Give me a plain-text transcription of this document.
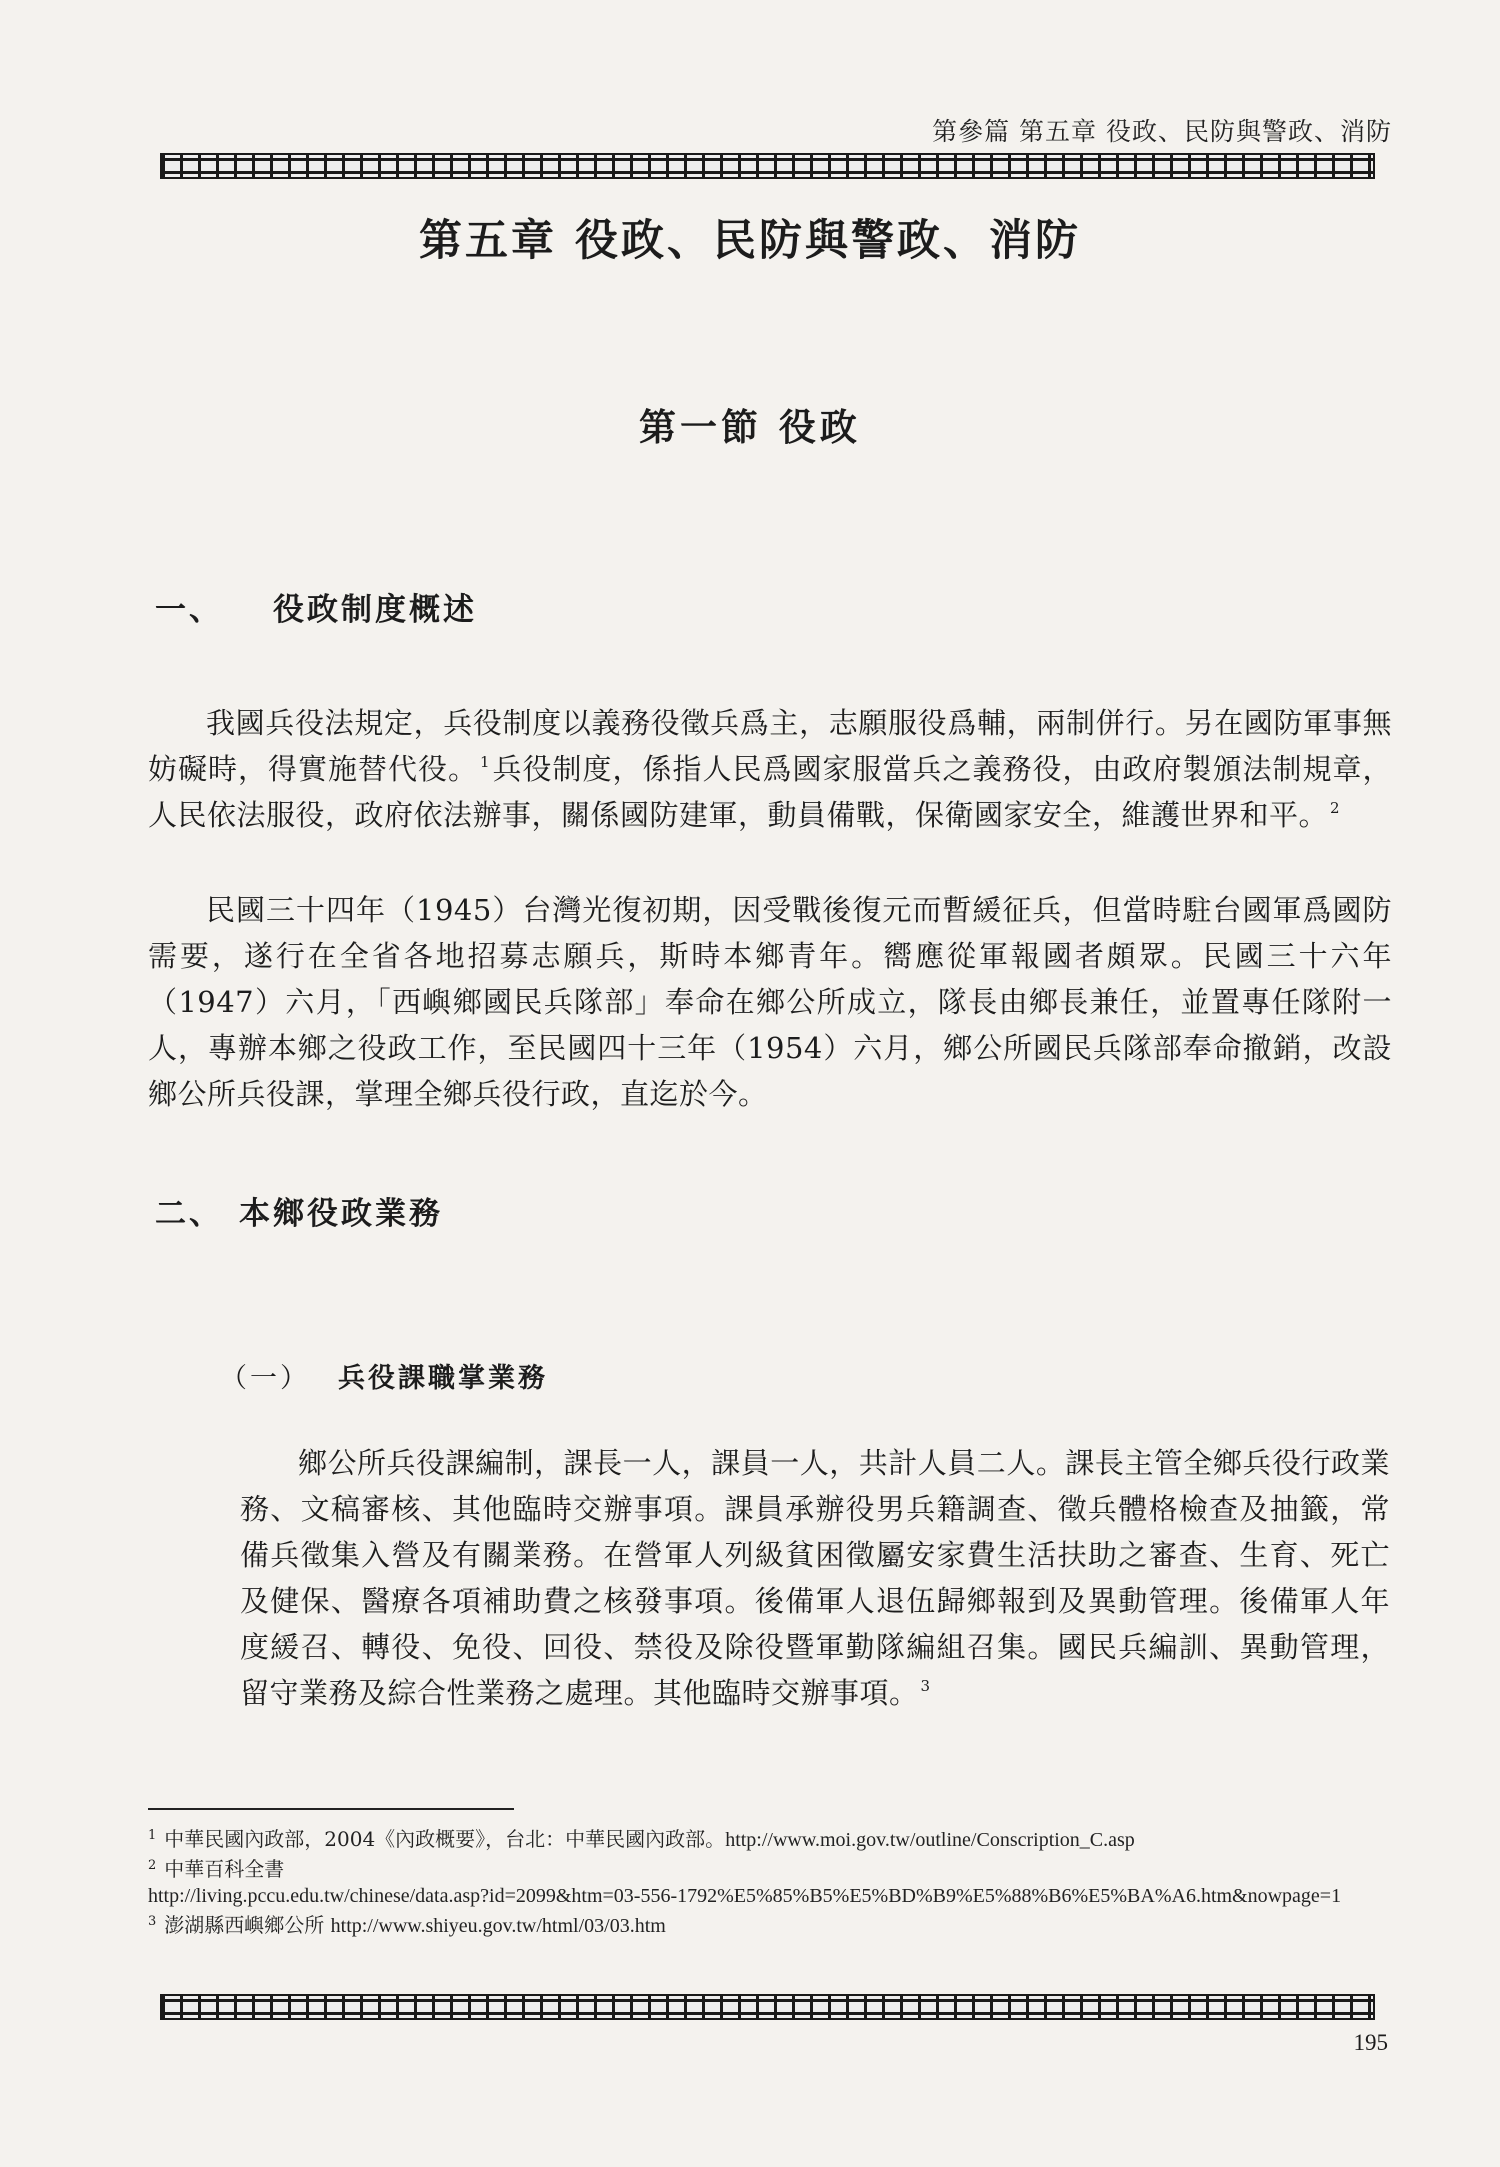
第參篇 第五章 役政、民防與警政、消防
第五章 役政、民防與警政、消防
第一節 役政
一、 役政制度概述

我國兵役法規定，兵役制度以義務役徵兵爲主，志願服役爲輔，兩制併行。另在國防軍事無妨礙時，得實施替代役。 $^1$兵役制度，係指人民爲國家服當兵之義務役，由政府製頒法制規章，人民依法服役，政府依法辦事，關係國防建軍，動員備戰，保衛國家安全，維護世界和平。 $^2$

民國三十四年（1945）台灣光復初期，因受戰後復元而暫緩征兵，但當時駐台國軍爲國防需要，遂行在全省各地招募志願兵，斯時本鄉青年。嚮應從軍報國者頗眾。民國三十六年（1947）六月，「西嶼鄉國民兵隊部」奉命在鄉公所成立，隊長由鄉長兼任，並置專任隊附一人，專辦本鄉之役政工作，至民國四十三年（1954）六月，鄉公所國民兵隊部奉命撤銷，改設鄉公所兵役課，掌理全鄉兵役行政，直迄於今。

二、 本鄉役政業務
（一） 兵役課職掌業務

鄉公所兵役課編制，課長一人，課員一人，共計人員二人。課長主管全鄉兵役行政業務、文稿審核、其他臨時交辦事項。課員承辦役男兵籍調查、徵兵體格檢查及抽籤，常備兵徵集入營及有關業務。在營軍人列級貧困徵屬安家費生活扶助之審查、生育、死亡及健保、醫療各項補助費之核發事項。後備軍人退伍歸鄉報到及異動管理。後備軍人年度緩召、轉役、免役、回役、禁役及除役暨軍勤隊編組召集。國民兵編訓、異動管理，留守業務及綜合性業務之處理。其他臨時交辦事項。 $^3$

$^1$ 中華民國內政部，2004《內政概要》，台北：中華民國內政部。http://www.moi.gov.tw/outline/Conscription_C.asp

$^2$ 中華百科全書
http://living.pccu.edu.tw/chinese/data.asp?id=2099&htm=03-556-1792%E5%85%B5%E5%BD%B9%E5%88%B6%E5%BA%A6.htm&nowpage=1

$^3$ 澎湖縣西嶼鄉公所 http://www.shiyeu.gov.tw/html/03/03.htm

195
